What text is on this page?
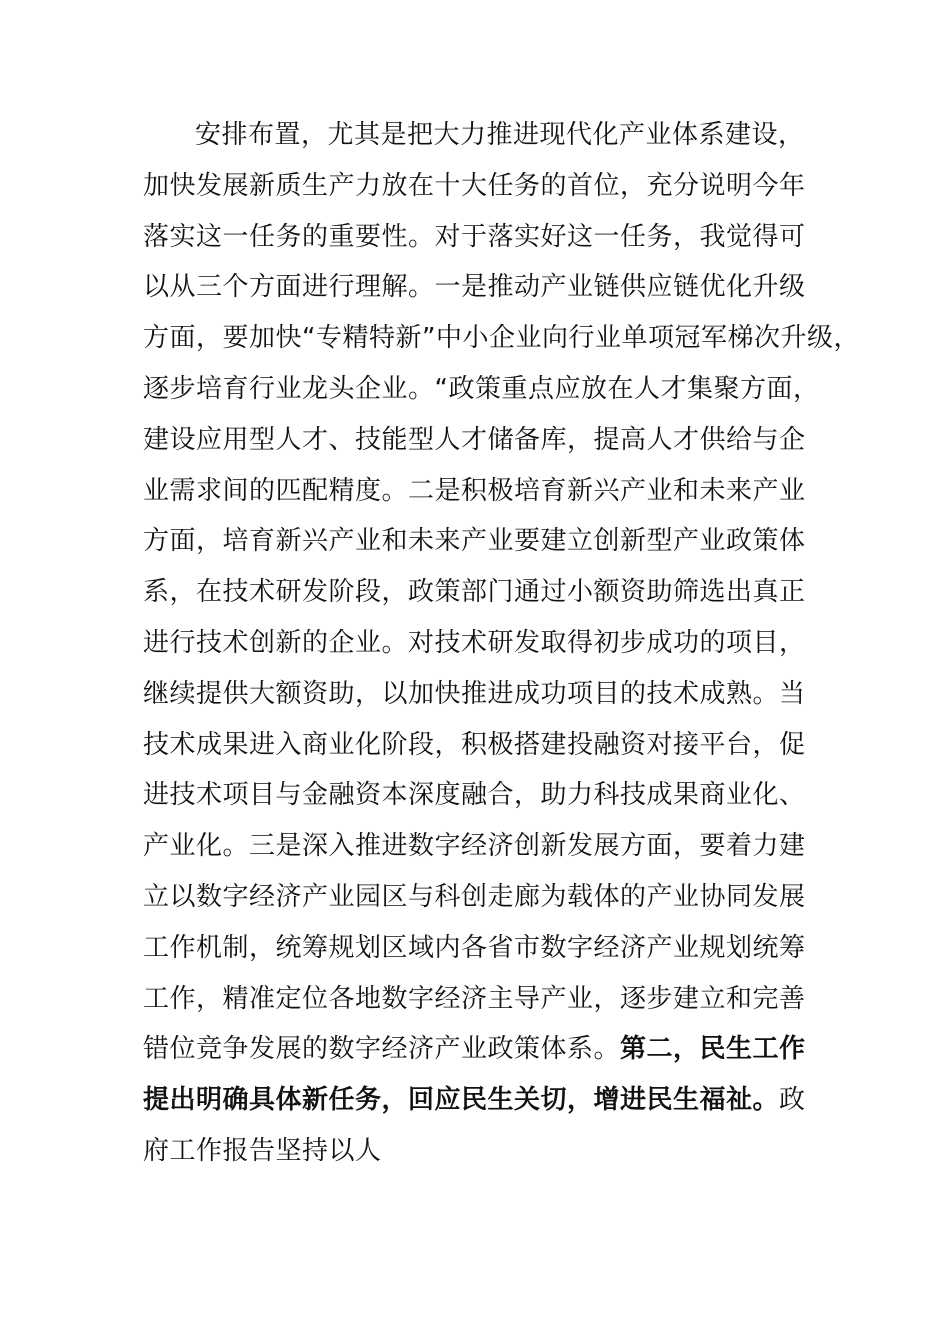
安排布置，尤其是把大力推进现代化产业体系建设，
加快发展新质生产力放在十大任务的首位，充分说明今年
落实这一任务的重要性。对于落实好这一任务，我觉得可
以从三个方面进行理解。一是推动产业链供应链优化升级
方面，要加快“专精特新”中小企业向行业单项冠军梯次升级，
逐步培育行业龙头企业。“政策重点应放在人才集聚方面，
建设应用型人才、技能型人才储备库，提高人才供给与企
业需求间的匹配精度。二是积极培育新兴产业和未来产业
方面，培育新兴产业和未来产业要建立创新型产业政策体
系，在技术研发阶段，政策部门通过小额资助筛选出真正
进行技术创新的企业。对技术研发取得初步成功的项目，
继续提供大额资助，以加快推进成功项目的技术成熟。当
技术成果进入商业化阶段，积极搭建投融资对接平台，促
进技术项目与金融资本深度融合，助力科技成果商业化、
产业化。三是深入推进数字经济创新发展方面，要着力建
立以数字经济产业园区与科创走廊为载体的产业协同发展
工作机制，统筹规划区域内各省市数字经济产业规划统筹
工作，精准定位各地数字经济主导产业，逐步建立和完善
错位竞争发展的数字经济产业政策体系。第二，民生工作
提出明确具体新任务，回应民生关切，增进民生福祉。政
府工作报告坚持以人
